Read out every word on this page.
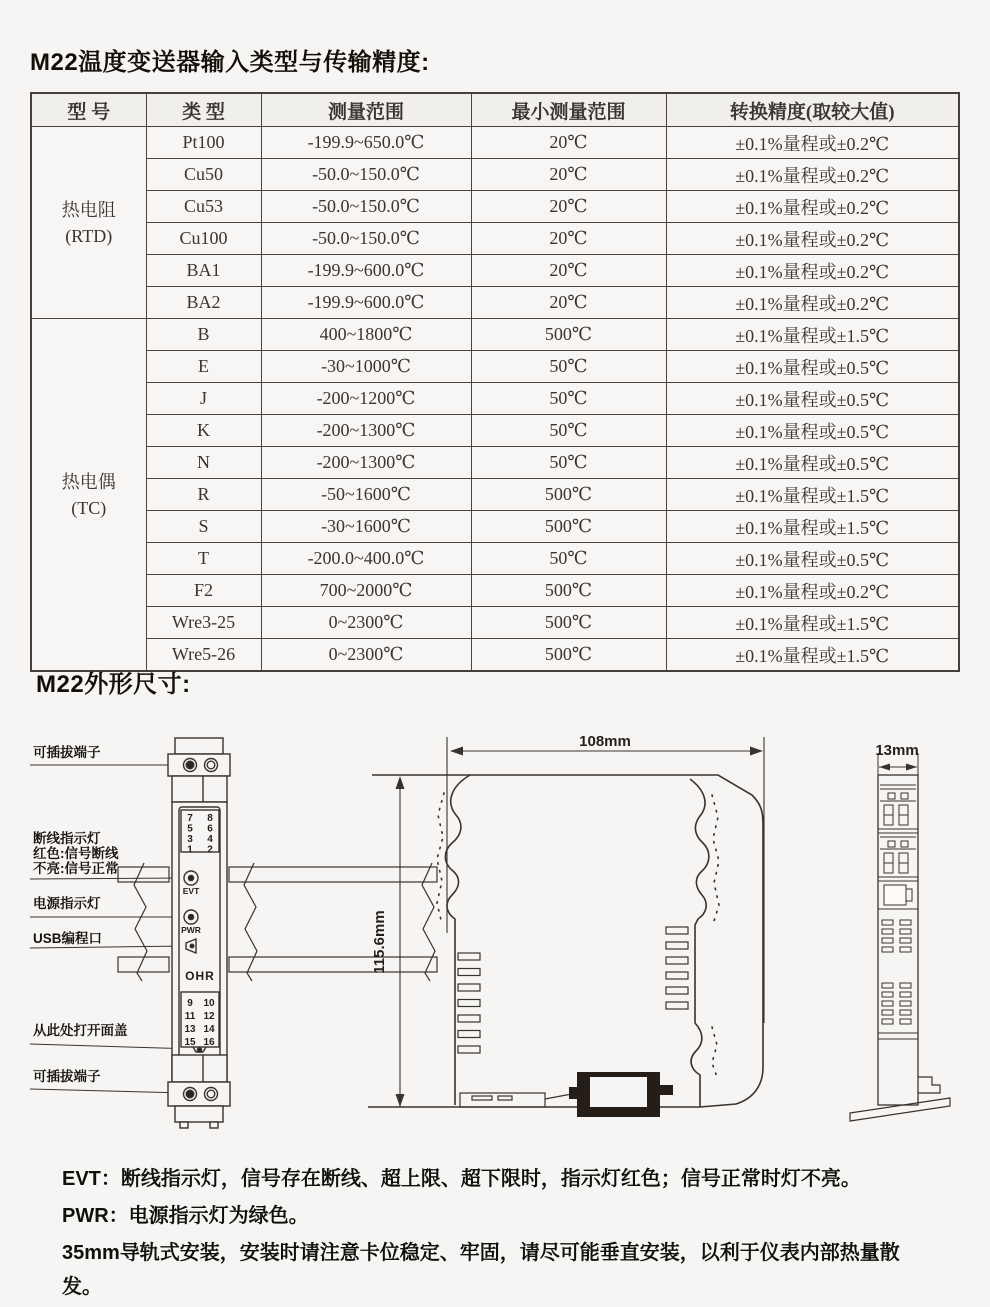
M22温度变送器输入类型与传输精度:
型 号	类 型	测量范围	最小测量范围	转换精度(取较大值)

热电阻
(RTD)	Pt100	-199.9~650.0℃	20℃	±0.1%量程或±0.2℃
	Cu50	-50.0~150.0℃	20℃	±0.1%量程或±0.2℃
	Cu53	-50.0~150.0℃	20℃	±0.1%量程或±0.2℃
	Cu100	-50.0~150.0℃	20℃	±0.1%量程或±0.2℃
	BA1	-199.9~600.0℃	20℃	±0.1%量程或±0.2℃
	BA2	-199.9~600.0℃	20℃	±0.1%量程或±0.2℃

热电偶
(TC)	B	400~1800℃	500℃	±0.1%量程或±1.5℃
	E	-30~1000℃	50℃	±0.1%量程或±0.5℃
	J	-200~1200℃	50℃	±0.1%量程或±0.5℃
	K	-200~1300℃	50℃	±0.1%量程或±0.5℃
	N	-200~1300℃	50℃	±0.1%量程或±0.5℃
	R	-50~1600℃	500℃	±0.1%量程或±1.5℃
	S	-30~1600℃	500℃	±0.1%量程或±1.5℃
	T	-200.0~400.0℃	50℃	±0.1%量程或±0.5℃
	F2	700~2000℃	500℃	±0.1%量程或±0.2℃
	Wre3-25	0~2300℃	500℃	±0.1%量程或±1.5℃
	Wre5-26	0~2300℃	500℃	±0.1%量程或±1.5℃
M22外形尺寸:
可插拔端子
断线指示灯
红色:信号断线
不亮:信号正常
电源指示灯
USB编程口
从此处打开面盖
可插拔端子
7 8
5 6
3 4
1 2
9 10
11 12
13 14
15 16
EVT
PWR
OHR
108mm
115.6mm
13mm

EVT：断线指示灯，信号存在断线、超上限、超下限时，指示灯红色；信号正常时灯不亮。

PWR：电源指示灯为绿色。

35mm导轨式安装，安装时请注意卡位稳定、牢固，请尽可能垂直安装，以利于仪表内部热量散发。
